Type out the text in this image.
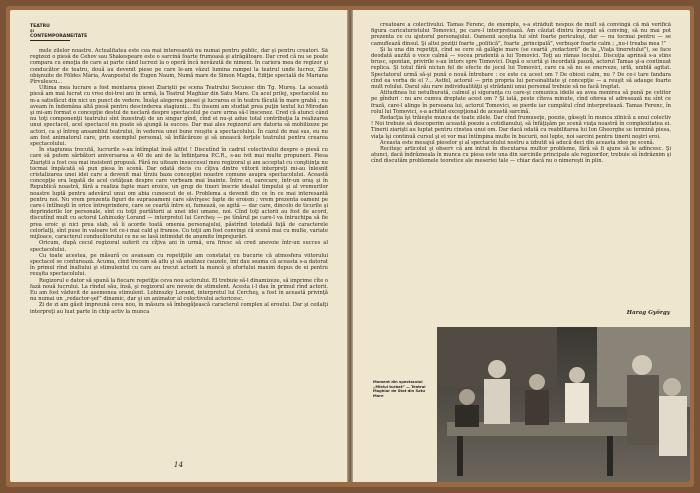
TEATRU
ŞI
CONTEMPORANEITATE

mele zilelor noastre. Actualitatea este cea mai interesantă nu numai pentru public, dar şi pentru creatori. Să regizezi o piesă de Cehov sau Shakespeare este o sarcină foarte frumoasă şi atrăgătoare. Dar cred că nu se poate compara cu emoţia de care ai parte când lucrezi la o operă încă nevăzută de nimeni. În cariera mea de regizor şi conducător de teatru, două au devenit piese pe care le-am văzut lumina rampei la teatrul unde lucrez, Zile obişnuite de Földes Mária, Avanpostul de Eugen Naum, Numă mare de Simon Magda, Ediţie specială de Mariana Pîrvulescu...

Ultima mea lucrare a fost montarea piesei Ziariştii pe scena Teatrului Secuiesc din Tg. Mureş. La această piesă am mai lucrat cu vreo doi-trei ani în urmă, la Teatrul Maghiar din Satu Mare. Cu acel prilej, spectacolul nu m-a satisfăcut din nici un punct de vedere. Însăşi alegerea piesei şi lucrarea ei în teatru făcută în mare grabă ; nu aveam în îndemâna altă piesă pentru descinderea stagiunii... Eu însumi am studiat prea puţin textul lui Mirodan şi mi-am format o concepţie destul de neclară despre spectacolul pe care urma să-l înscenez. Cred că atunci când nu toţi componenţii teatrului sînt înzestraţi de un singur gînd, cînd ei nu-şi adue total contribuţia la realizarea unui spectacol, acel spectacol nu poate să ajungă la succes. Dar mai ales regizorul are datoria să mobilizeze pe actori, ca şi întreg ansamblul teatrului, în vederea unei bune reuşite a spectacolului. În cazul de mai sus, eu nu am fost animatorul care, prin exemplul personal, să înflăcăreze şi să unească forţele teatrului pentru crearea spectacolului.

În stagiunea trecută, lucrurile s-au întîmplat însă altfel ! Discutînd în cadrul colectivului despre o piesă cu care să putem sărbători aniversarea a 40 de ani de la înfiinţarea P.C.R., s-au ivit mai multe propuneri. Piesa Ziariştii a fost cea mai insistent propusă. Fără nu uiteam insuccesul meu regizoral şi am acceptat cu conştiinţa nu tocmai împăcată să pun piesa în scenă. Dar odată decis cu cîţiva dintre viitorii interpreţi mi-au înlesnit cristalizarea unei idei care a devenit mai tîrziu baza concepţiei noastre comune asupra spectacolului. Această concepţie era legată de acel cetăţean despre care vorbeam mai înainte. Între ei, oarecare, într-un oraş şi în Republică noastră, fără a realiza fapte mari eroice, un grup de tineri înscrie idealul timpului şi al vremurilor noastre luptă pentru adevărul unui om abia cunoscut de ei. Problema a devenit din ce în ce mai interesantă pentru noi. Nu vrem prezenta figuri de supraoameni care săvîrşesc fapte de eroism ; vrem prezenta oameni pe care-i întîlneşti în orice întreprindere, care se ceartă între ei, fumează, se agită — dar care, dincolo de ticurile şi deprinderile lor personale, sînt cu toţii purtătorii ai unei idei umane, noi. Cînd toţi actorii au fost de acord, discutînd mult cu actorul Lohinszky Lorand — interpretul lui Cercheş — pe tînărul pe care-l va întruchipa să fie prea eroic şi nici prea slab, să îi acorde toată omenia personajului, păstrînd totodată faţă de caracterele celorlalţi, sînt puse în valoare tot ce-i mai cald şi frumos. Cu toţii am fost convinşi că scenă mai cu multe, variate mijloace, caracterul conducătorului ce nu se lasă intimidat de anumite împrejurări.

Oricum, după cecul regizoral suferit cu cîţiva ani în urmă, era firesc să cred anevoie într-un succes al spectacolului.

Cu toate acestea, pe măsură ce avansam cu repetiţiile am constatat cu bucurie că atmosfera viitorului spectacol se conturează. Acuma, cînd trecem să aflu şi să analizez cauzele, îmi dau seama că aceasta s-a datorat în primul rînd înaltului şi stimulentul cu care au trecut actorii la muncă şi efortului maxim depus de ei pentru reuşita spectacolului.

Regizorul e dator să spună la fiecare repetiţie ceva nou actorului. El trebuie să-l dinamizeze, să imprime cîte o fază nouă lucrului. La rîndul său, însă, şi regizorul are nevoie de stimulent. Acesta i-l dau în primul rînd actorii. Eu am fost văduvit de asemenea stimulent. Lohinszky Lorand, interpretul lui Cercheş, a fost în această privinţă nu numai un „redactor-şef” dinamic, dar şi un animator al colectivului actoricesc.

Zi de zi am găsit împreună ceva nou, în măsura să îmbogăţească caracterul complex al eroului. Dar şi ceilalţi interpreţi au luat parte în chip activ la munca

14

creatoare a colectivului. Tamas Ferenc, de exemplu, s-a străduit nespus de mult să convingă că mă verifică figura caricaturistului Tomovici, pe care-l interpretează. Am căutat dintru început să conving, să nu mai pot prezenta ce cu ajutorul personajului. Oamenii aceştia lui sînt foarte periculoşi, dar — nu tocmai pentru — se camuflează dinsul. Şi altei poziţii foarte „politică”, foarte „principală”, verbuşor foarte calm ; „nu-i treaba mea !”

Şi la una din repetiţii, cînd se cere să galăgie mare (se ceartă „redactorii” de la „Viaţa tineretului”), se face deodată auzită o voce calmă — vocea prudentă a lui Tomovici. Toţi au rămas locului. Discuţia aprinsă s-a stins brusc, spontan, privirile s-au întors spre Tomovici. După o scurtă şi încordată pauză, actorul Tamas şi-a continuat replica. Şi totul fără niciun fel de efecte de jocul lui Tomovici, care ca să nu se enerveze, urlă, umblă agitat. Spectatorul urmă să-şi pună o nouă întrebare : ce este cu acest om ? De obicei calm, nu ? De ce-i tare fandara cînd ea vorba de el ?... Astfel, actorul — prin propria lui personalitate şi concepţie — a reuşit să adauge foarte mult rolului. Darul său rare individualităţii şi strădanii unui personal trebuie să ne facă treptat.

Atitudinea lui netulburată, calmul şi siguranţa cu care-şi comunica ideile au avea menirea să pună pe cetitor pe gînduri : nu are cumva dreptate acest om ? Şi iată, peste cîteva minute, cînd oferea el adresează nu sînt ce frază, care-l alinge în persoana lui, actorul Tomovici, se pierde iar cumpătul cînd interpretează. Tamas Ferenc, în rolul lui Tomovici, s-a achitat excepţional de această sarcină.

Redacţia îşi trăieşte munca de toate zilele. Dar cînd frumuseţe, poezie, găseşti în munca zilnică a unui colectiv ! Noi trebuie să descoperim această poezie a cotidianului, să înfăţişăm pe scenă viaţa noastră în complexitatea ei. Tinerii ziarişti au luptat pentru cinstea unui om. Dar dacă odată cu reabilitarea lui Ion Gheorghe se termină piesa, viaţa îşi continuă cursul şi ei vor mai întîmpina multe în bucurii, noi lupte, noi sarcini pentru tinerii noştri eroi.

Aceasta este mesajul pieselor şi al spectacolului nostru a izbutit să aducă deci din aceasta idee pe scenă.

Reciteşc articolul şi observ că am intrat în discutarea multor probleme, fără să fi ajuns să le adîncesc. Şi atunci, dacă îndrăzneala în munca cu piesa este una din sarcinile principale ale regizorilor, trebuie să îndrăznim şi cînd discutăm problemele teoretice ale meseriei tale — chiar dacă nu o nimereşti în plin.

Harag György
Moment din spectacolul „Mielul turbat” — Teatrul Maghiar de Stat din Satu Mare
